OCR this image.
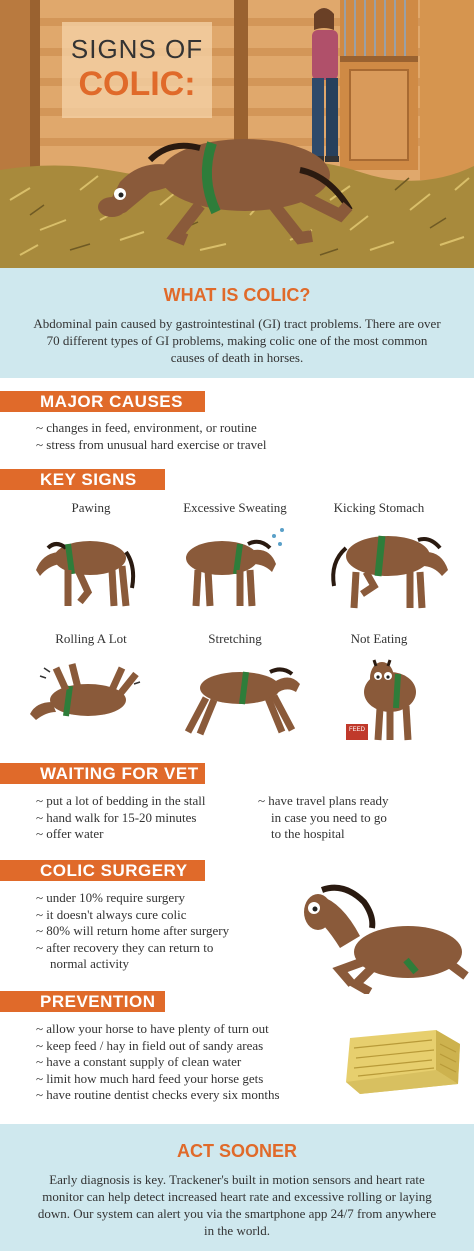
SIGNS OF
COLIC:
WHAT IS COLIC?

Abdominal pain caused by gastrointestinal (GI) tract problems. There are over 70 different types of GI problems, making colic one of the most common causes of death in horses.

MAJOR CAUSES
~ changes in feed, environment, or routine
~ stress from unusual hard exercise or travel
KEY SIGNS
Pawing	Excessive Sweating	Kicking Stomach
Rolling A Lot	Stretching	Not Eating
FEED
WAITING FOR VET
~ put a lot of bedding in the stall
~ hand walk for 15-20 minutes
~ offer water
~ have travel plans ready
in case you need to go
to the hospital
COLIC SURGERY
~ under 10% require surgery
~ it doesn't always cure colic
~ 80% will return home after surgery
~ after recovery they can return to
normal activity
PREVENTION
~ allow your horse to have plenty of turn out
~ keep feed / hay in field out of sandy areas
~ have a constant supply of clean water
~ limit how much hard feed your horse gets
~ have routine dentist checks every six months
ACT SOONER

Early diagnosis is key. Trackener's built in motion sensors and heart rate monitor can help detect increased heart rate and excessive rolling or laying down. Our system can alert you via the smartphone app 24/7 from anywhere in the world.
